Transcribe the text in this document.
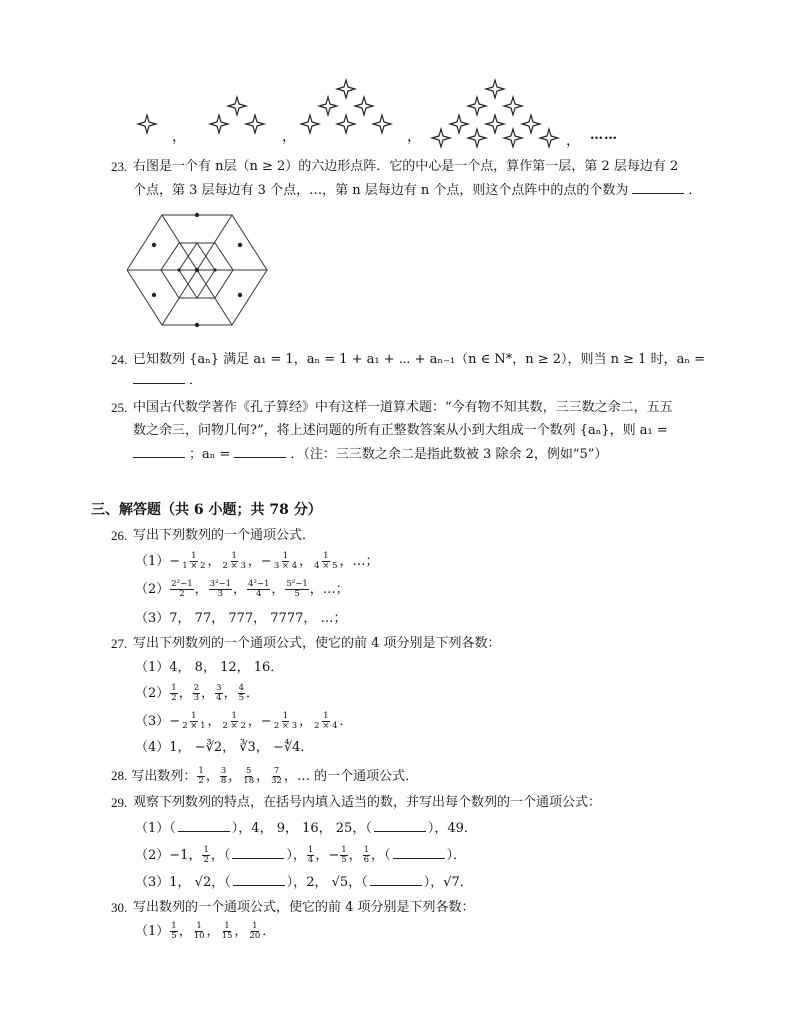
，	，	，	， ……
23. 右图是一个有 n层（n ≥ 2）的六边形点阵．它的中心是一个点，算作第一层，第 2 层每边有 2
个点，第 3 层每边有 3 个点，…，第 n 层每边有 n 个点，则这个点阵中的点的个数为	．
24. 已知数列 {aₙ} 满足 a₁ = 1，aₙ = 1 + a₁ + ⋯ + aₙ₋₁（n ∈ N*，n ≥ 2），则当 n ≥ 1 时，aₙ =
．
25. 中国古代数学著作《孔子算经》中有这样一道算术题：“今有物不知其数，三三数之余二，五五
数之余三，问物几何?”，将上述问题的所有正整数答案从小到大组成一个数列 {aₙ}，则 a₁ =
；aₙ =	．（注：三三数之余二是指此数被 3 除余 2，例如“5”）
三、解答题（共 6 小题；共 78 分）
26. 写出下列数列的一个通项公式．
$(1)- \frac{1}{1 \times 2}$ ， $\frac{1}{2 \times 3}$ ，− $\frac{1}{3 \times 4}$ ， $\frac{1}{4 \times 5}$ ，…；
$(2) \frac{\text{2²−1}}{2}$ ， $\frac{\text{3²−1}}{3}$ ， $\frac{\text{4²−1}}{4}$ ， $\frac{\text{5²−1}}{5}$ ，…；
（3）7， 77， 777， 7777， …；
27. 写出下列数列的一个通项公式，使它的前 4 项分别是下列各数：
（1）4， 8， 12， 16．
$(2) \frac{1}{2}$ ， $\frac{2}{3}$ ， $\frac{3}{4}$ ， $\frac{4}{5}$ ．
$(3)- \frac{1}{2 \times 1}$ ， $\frac{1}{2 \times 2}$ ，− $\frac{1}{2 \times 3}$ ， $\frac{1}{2 \times 4}$ ．
（4）1， −∛2， ∛3， −∜4．
28. 写出数列： $\frac{1}{2}$ ， $\frac{3}{8}$ ， $\frac{5}{18}$ ， $\frac{7}{32}$ ，… 的一个通项公式．
29. 观察下列数列的特点，在括号内填入适当的数，并写出每个数列的一个通项公式：
（1）（	），4， 9， 16， 25，（	），49．
（2）−1， $\frac{1}{2}$ ，（	）， $\frac{1}{4}$ ，− $\frac{1}{5}$ ， $\frac{1}{6}$ ，（	）．
（3）1， √2，（	），2， √5，（	），√7．
30. 写出数列的一个通项公式，使它的前 4 项分别是下列各数：
$(1) \frac{1}{5}$ ， $\frac{1}{10}$ ， $\frac{1}{15}$ ， $\frac{1}{20}$ ．
